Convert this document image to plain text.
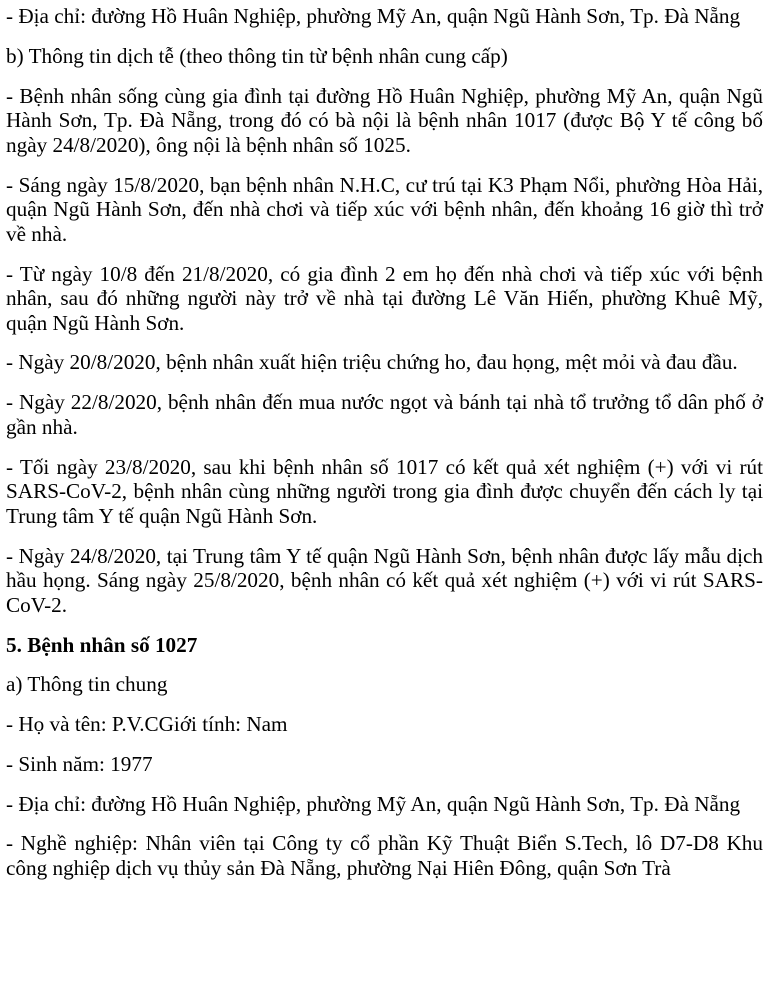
- Địa chỉ: đường Hồ Huân Nghiệp, phường Mỹ An, quận Ngũ Hành Sơn, Tp. Đà Nẵng

b) Thông tin dịch tễ (theo thông tin từ bệnh nhân cung cấp)

- Bệnh nhân sống cùng gia đình tại đường Hồ Huân Nghiệp, phường Mỹ An, quận Ngũ Hành Sơn, Tp. Đà Nẵng, trong đó có bà nội là bệnh nhân 1017 (được Bộ Y tế công bố ngày 24/8/2020), ông nội là bệnh nhân số 1025.

- Sáng ngày 15/8/2020, bạn bệnh nhân N.H.C, cư trú tại K3 Phạm Nổi, phường Hòa Hải, quận Ngũ Hành Sơn, đến nhà chơi và tiếp xúc với bệnh nhân, đến khoảng 16 giờ thì trở về nhà.

- Từ ngày 10/8 đến 21/8/2020, có gia đình 2 em họ đến nhà chơi và tiếp xúc với bệnh nhân, sau đó những người này trở về nhà tại đường Lê Văn Hiến, phường Khuê Mỹ, quận Ngũ Hành Sơn.

- Ngày 20/8/2020, bệnh nhân xuất hiện triệu chứng ho, đau họng, mệt mỏi và đau đầu.

- Ngày 22/8/2020, bệnh nhân đến mua nước ngọt và bánh tại nhà tổ trưởng tổ dân phố ở gần nhà.

- Tối ngày 23/8/2020, sau khi bệnh nhân số 1017 có kết quả xét nghiệm (+) với vi rút SARS-CoV-2, bệnh nhân cùng những người trong gia đình được chuyển đến cách ly tại Trung tâm Y tế quận Ngũ Hành Sơn.

- Ngày 24/8/2020, tại Trung tâm Y tế quận Ngũ Hành Sơn, bệnh nhân được lấy mẫu dịch hầu họng. Sáng ngày 25/8/2020, bệnh nhân có kết quả xét nghiệm (+) với vi rút SARS-CoV-2.

5. Bệnh nhân số 1027

a) Thông tin chung

- Họ và tên: P.V.CGiới tính: Nam

- Sinh năm: 1977

- Địa chỉ: đường Hồ Huân Nghiệp, phường Mỹ An, quận Ngũ Hành Sơn, Tp. Đà Nẵng

- Nghề nghiệp: Nhân viên tại Công ty cổ phần Kỹ Thuật Biển S.Tech, lô D7-D8 Khu công nghiệp dịch vụ thủy sản Đà Nẵng, phường Nại Hiên Đông, quận Sơn Trà
